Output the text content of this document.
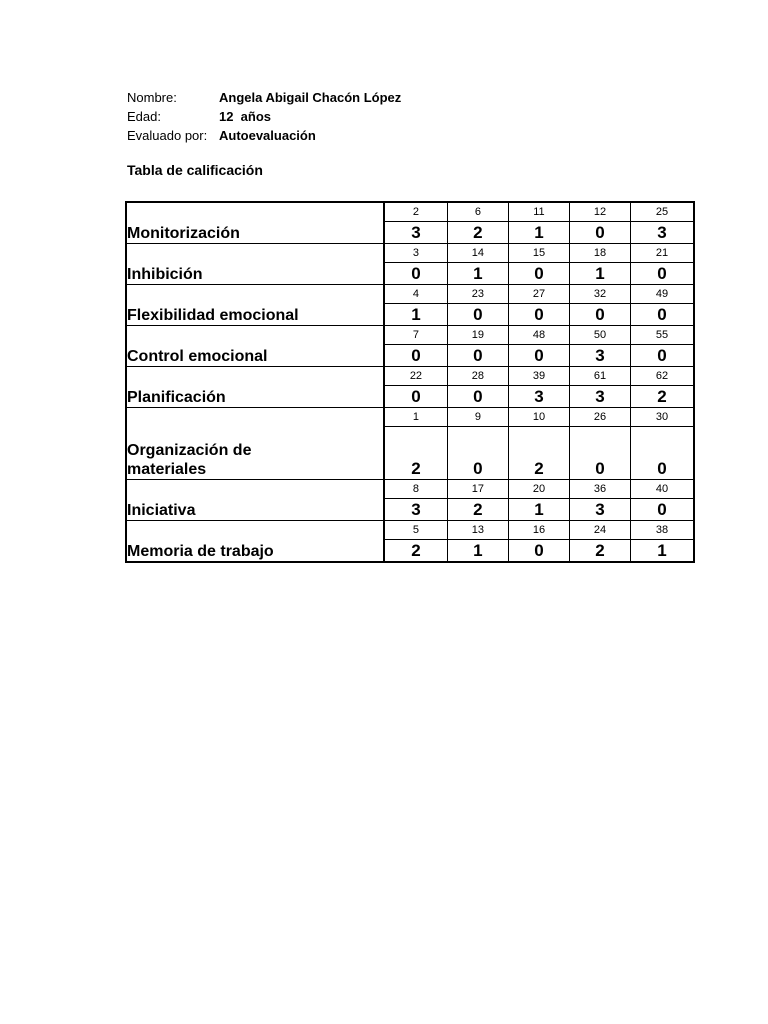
Nombre:	Angela Abigail Chacón López
Edad:	12  años
Evaluado por: Autoevaluación
Tabla de calificación
	2	6	11	12	25
Monitorización	3	2	1	0	3
	3	14	15	18	21
Inhibición	0	1	0	1	0
	4	23	27	32	49
Flexibilidad emocional	1	0	0	0	0
	7	19	48	50	55
Control emocional	0	0	0	3	0
	22	28	39	61	62
Planificación	0	0	3	3	2
	1	9	10	26	30
Organización de materiales	2	0	2	0	0
	8	17	20	36	40
Iniciativa	3	2	1	3	0
	5	13	16	24	38
Memoria de trabajo	2	1	0	2	1
